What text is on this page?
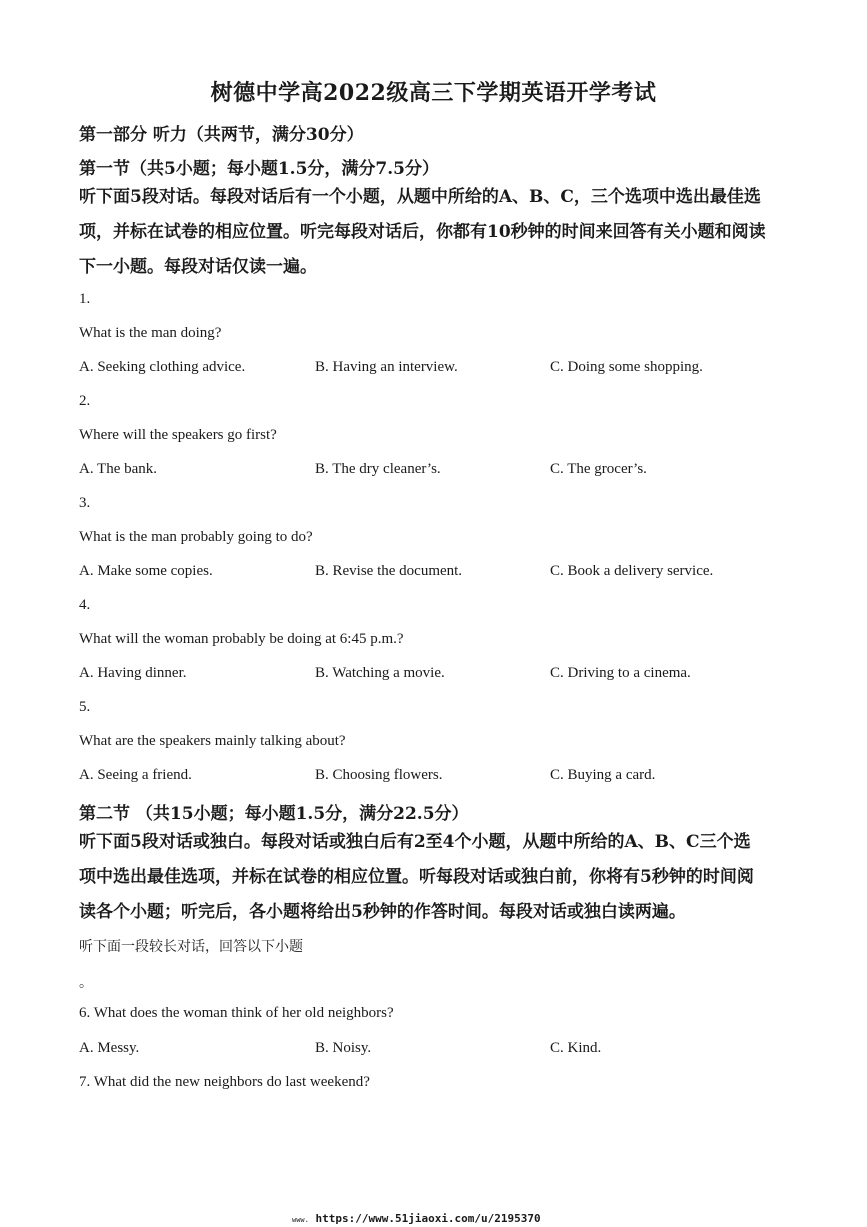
树德中学高2022级高三下学期英语开学考试
第一部分 听力（共两节，满分30分）
第一节（共5小题；每小题1.5分，满分7.5分）
听下面5段对话。每段对话后有一个小题，从题中所给的A、B、C，三个选项中选出最佳选
项，并标在试卷的相应位置。听完每段对话后，你都有10秒钟的时间来回答有关小题和阅读
下一小题。每段对话仅读一遍。
1.
What is the man doing?
A. Seeking clothing advice.	B. Having an interview.	C. Doing some shopping.
2.
Where will the speakers go first?
A. The bank.	B. The dry cleaner’s.	C. The grocer’s.
3.
What is the man probably going to do?
A. Make some copies.	B. Revise the document.	C. Book a delivery service.
4.
What will the woman probably be doing at 6:45 p.m.?
A. Having dinner.	B. Watching a movie.	C. Driving to a cinema.
5.
What are the speakers mainly talking about?
A. Seeing a friend.	B. Choosing flowers.	C. Buying a card.
第二节 （共15小题；每小题1.5分，满分22.5分）
听下面5段对话或独白。每段对话或独白后有2至4个小题，从题中所给的A、B、C三个选
项中选出最佳选项，并标在试卷的相应位置。听每段对话或独白前，你将有5秒钟的时间阅
读各个小题；听完后，各小题将给出5秒钟的作答时间。每段对话或独白读两遍。
听下面一段较长对话，回答以下小题
。
6. What does the woman think of her old neighbors?
A. Messy.	B. Noisy.	C. Kind.
7. What did the new neighbors do last weekend?
www. https://www.51jiaoxi.com/u/2195370
